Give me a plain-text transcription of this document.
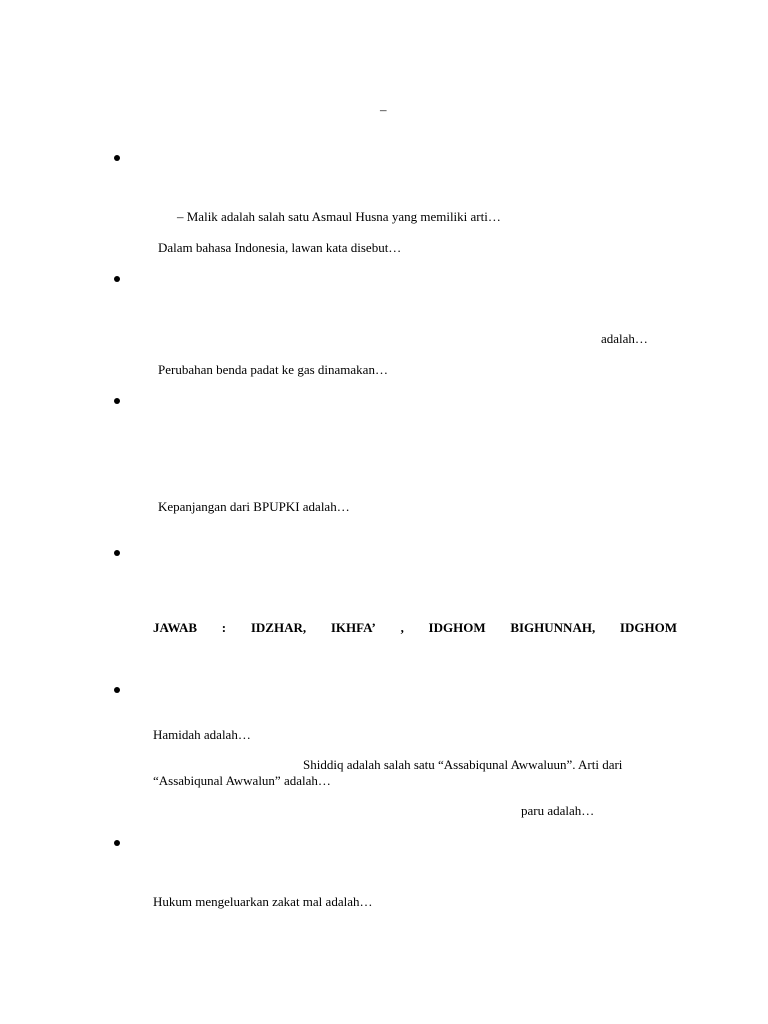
–
– Malik adalah salah satu Asmaul Husna yang memiliki arti…
Dalam bahasa Indonesia, lawan kata disebut…
adalah…
Perubahan benda padat ke gas dinamakan…
Kepanjangan dari BPUPKI adalah…
JAWAB : IDZHAR, IKHFA’ , IDGHOM BIGHUNNAH, IDGHOM
Hamidah adalah…
Shiddiq adalah salah satu “Assabiqunal Awwaluun”. Arti dari
“Assabiqunal Awwalun” adalah…
paru adalah…
Hukum mengeluarkan zakat mal adalah…
